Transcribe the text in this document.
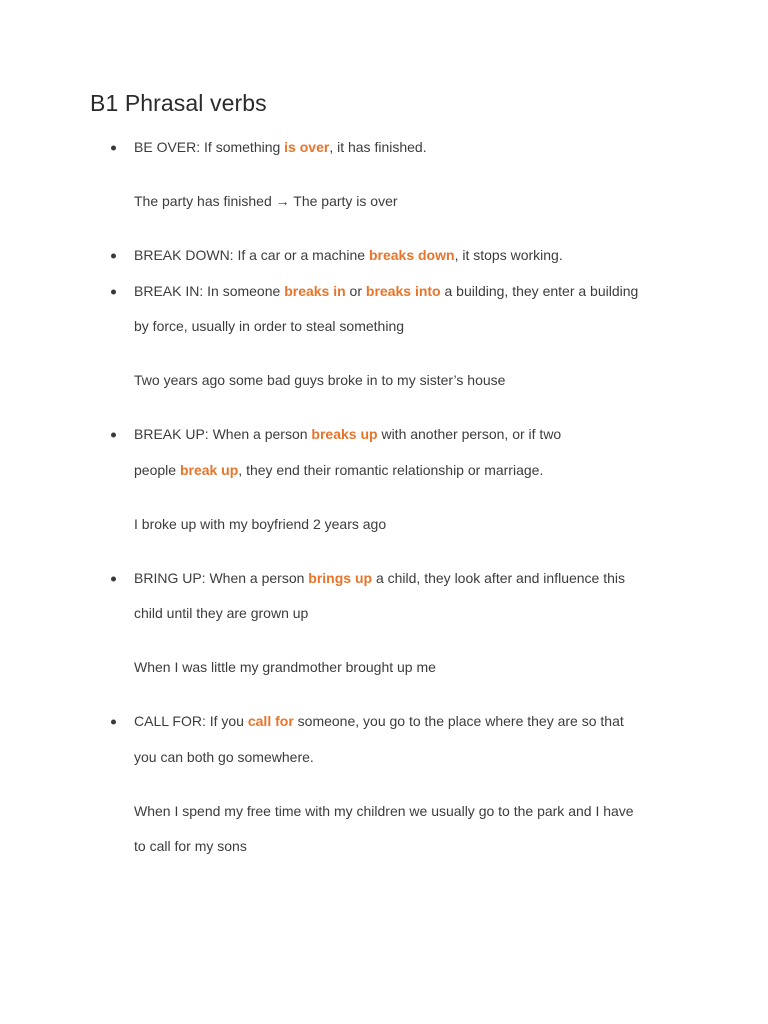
B1 Phrasal verbs
BE OVER: If something is over, it has finished.
The party has finished → The party is over
BREAK DOWN: If a car or a machine breaks down, it stops working.
BREAK IN: In someone breaks in or breaks into a building, they enter a building
by force, usually in order to steal something
Two years ago some bad guys broke in to my sister’s house
BREAK UP: When a person breaks up with another person, or if two
people break up, they end their romantic relationship or marriage.
I broke up with my boyfriend 2 years ago
BRING UP: When a person brings up a child, they look after and influence this
child until they are grown up
When I was little my grandmother brought up me
CALL FOR: If you call for someone, you go to the place where they are so that
you can both go somewhere.
When I spend my free time with my children we usually go to the park and I have
to call for my sons
